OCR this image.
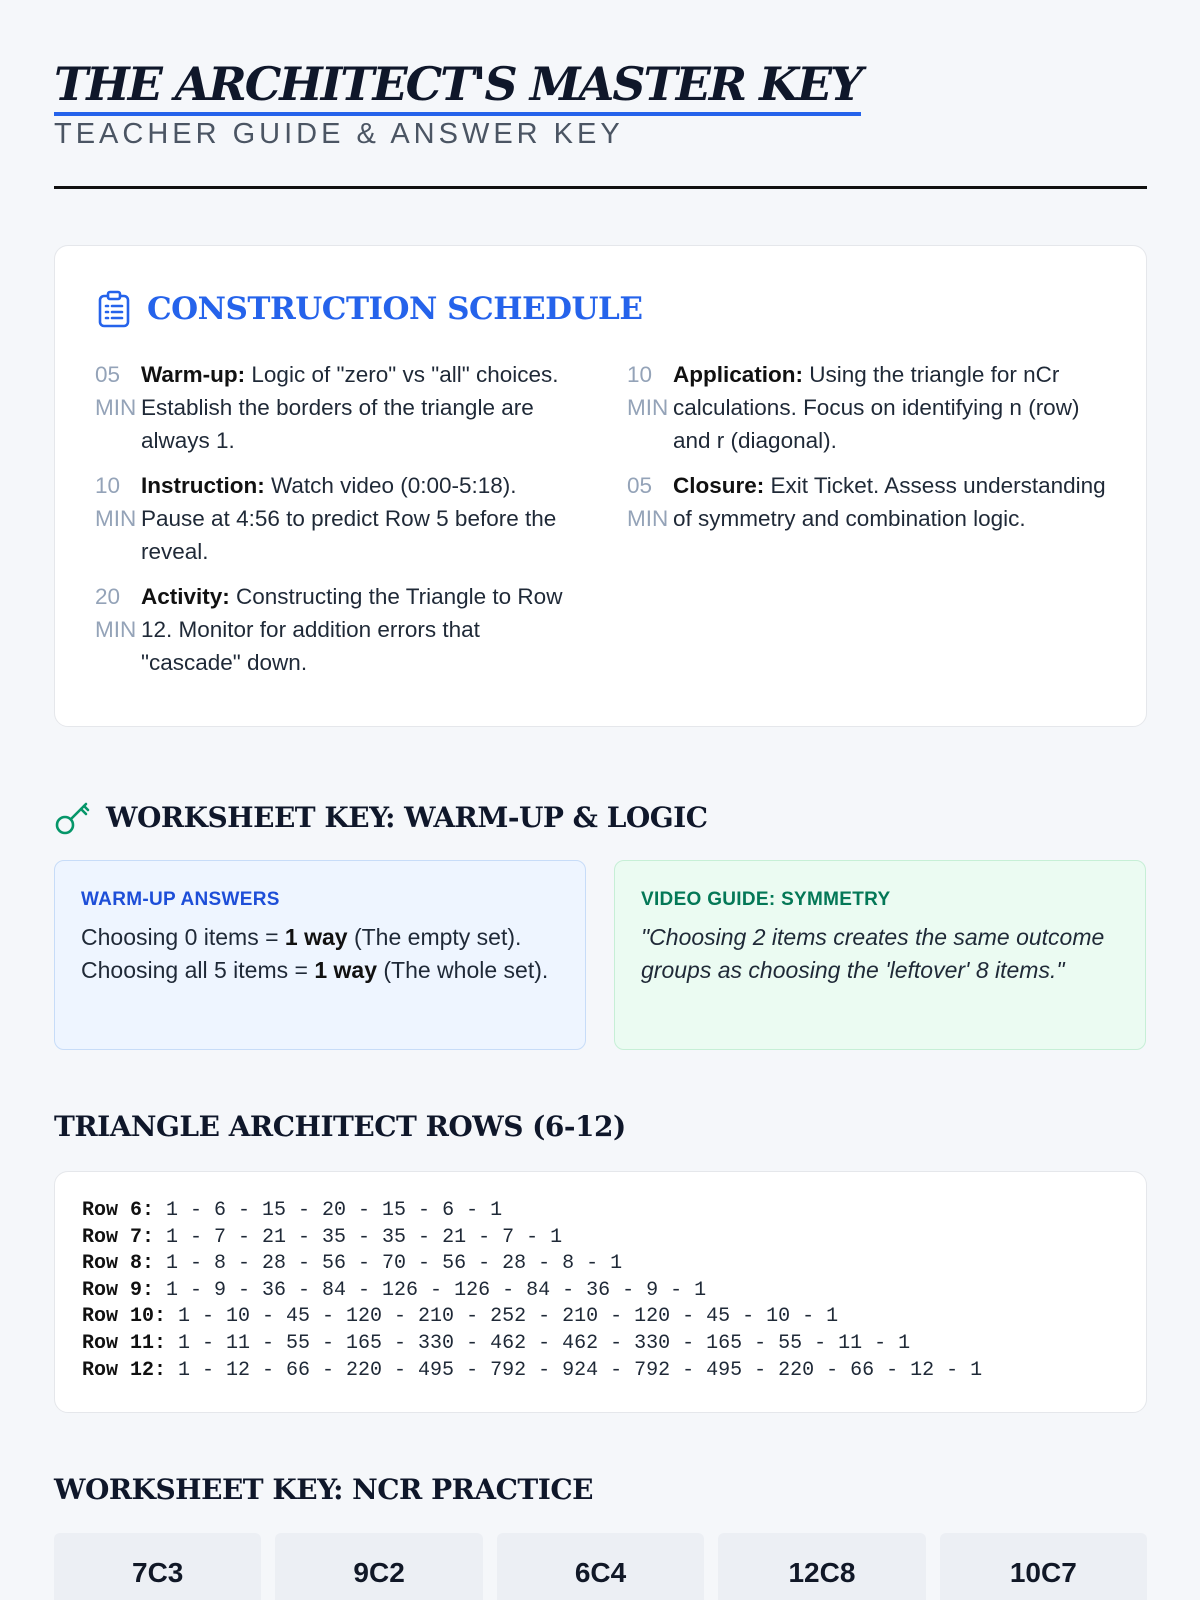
THE ARCHITECT'S MASTER KEY
TEACHER GUIDE & ANSWER KEY
CONSTRUCTION SCHEDULE
05
MIN
Warm-up: Logic of "zero" vs "all" choices. Establish the borders of the triangle are always 1.
10
MIN
Instruction: Watch video (0:00-5:18). Pause at 4:56 to predict Row 5 before the reveal.
20
MIN
Activity: Constructing the Triangle to Row 12. Monitor for addition errors that "cascade" down.
10
MIN
Application: Using the triangle for nCr calculations. Focus on identifying n (row) and r (diagonal).
05
MIN
Closure: Exit Ticket. Assess understanding of symmetry and combination logic.
WORKSHEET KEY: WARM-UP & LOGIC
WARM-UP ANSWERS
Choosing 0 items = 1 way (The empty set).
Choosing all 5 items = 1 way (The whole set).
VIDEO GUIDE: SYMMETRY
"Choosing 2 items creates the same outcome groups as choosing the 'leftover' 8 items."
TRIANGLE ARCHITECT ROWS (6-12)
Row 6: 1 - 6 - 15 - 20 - 15 - 6 - 1
Row 7: 1 - 7 - 21 - 35 - 35 - 21 - 7 - 1
Row 8: 1 - 8 - 28 - 56 - 70 - 56 - 28 - 8 - 1
Row 9: 1 - 9 - 36 - 84 - 126 - 126 - 84 - 36 - 9 - 1
Row 10: 1 - 10 - 45 - 120 - 210 - 252 - 210 - 120 - 45 - 10 - 1
Row 11: 1 - 11 - 55 - 165 - 330 - 462 - 462 - 330 - 165 - 55 - 11 - 1
Row 12: 1 - 12 - 66 - 220 - 495 - 792 - 924 - 792 - 495 - 220 - 66 - 12 - 1
WORKSHEET KEY: NCR PRACTICE
7C3	9C2	6C4	12C8	10C7
